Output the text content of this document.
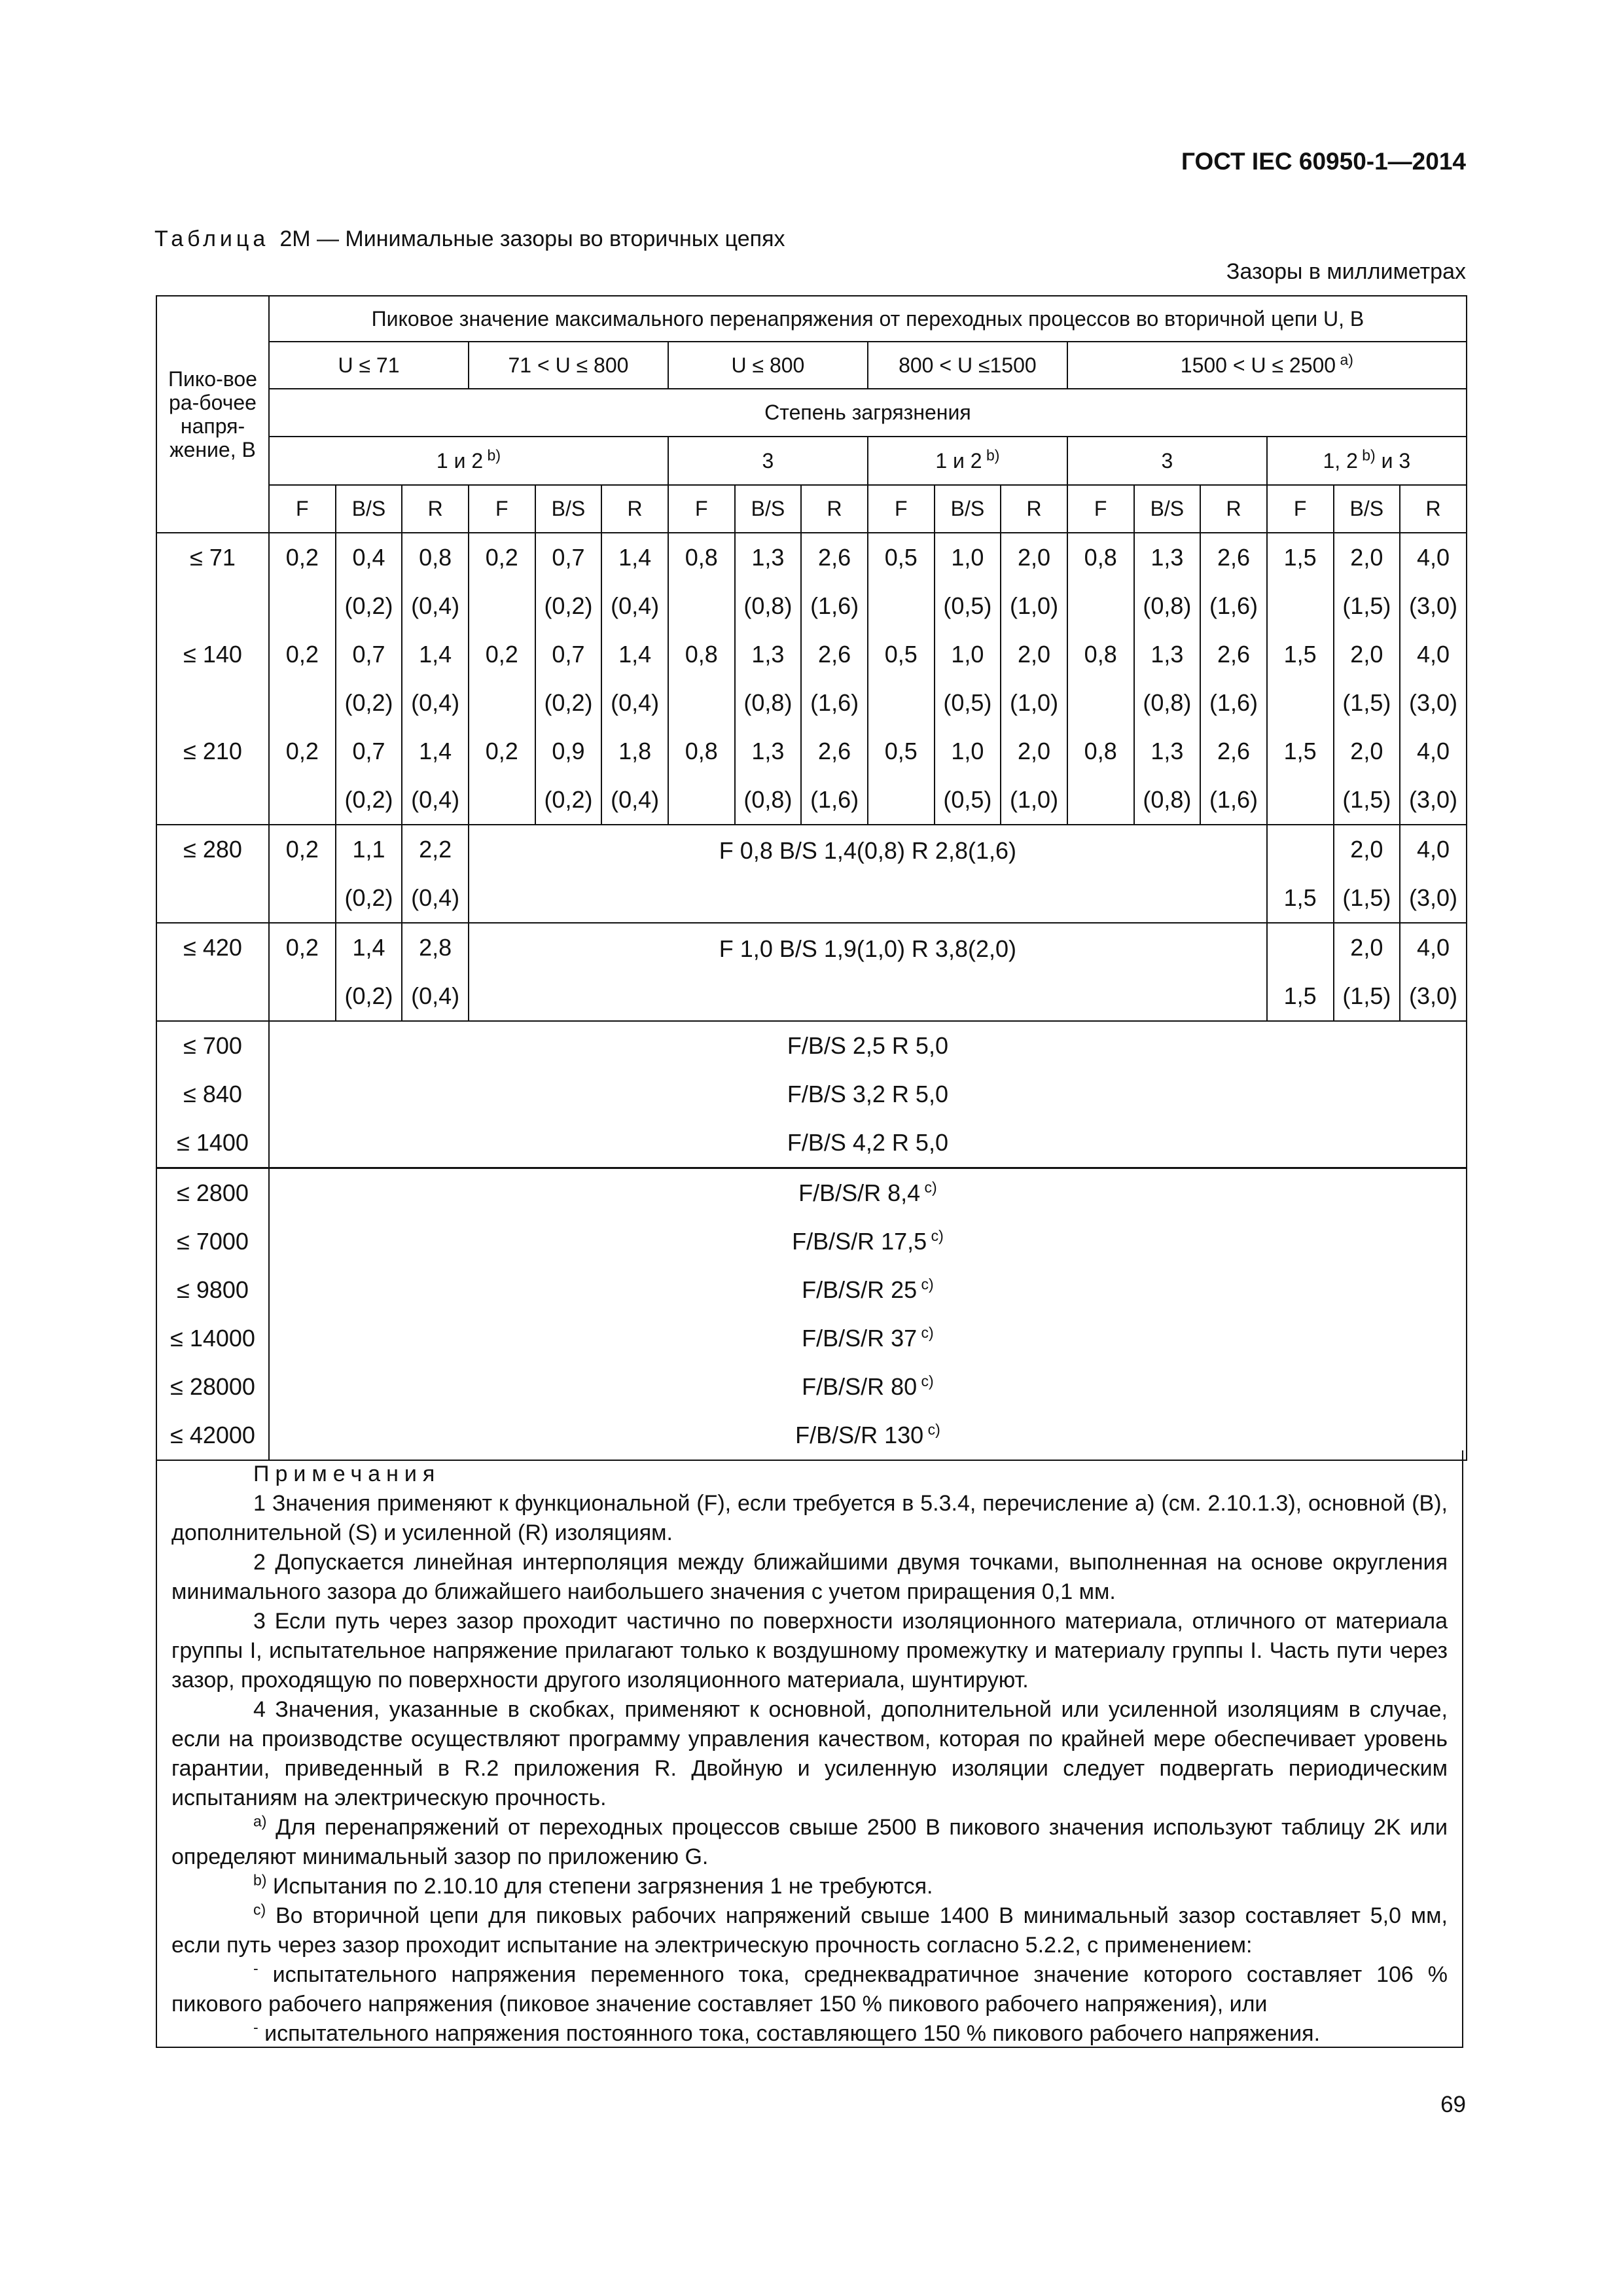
ГОСТ IEC 60950-1—2014
Таблица 2M — Минимальные зазоры во вторичных цепях
Зазоры в миллиметрах
Пико-вое ра-бочее напря-жение, В	Пиковое значение максимального перенапряжения от переходных процессов во вторичной цепи U, В																	
	U ≤ 71			71 < U ≤ 800			U ≤ 800			800 < U ≤1500			1500 < U ≤ 2500 $^{a)}$
	Степень загрязнения																	
	1 и 2 $^{b)}$						3			1 и 2 $^{b)}$			3			1, 2 $^{b)}$ и 3		
	F	B/S	R	F	B/S	R	F	B/S	R	F	B/S	R	F	B/S	R	F	B/S	R
≤ 71	0,2	0,4	0,8	0,2	0,7	1,4	0,8	1,3	2,6	0,5	1,0	2,0	0,8	1,3	2,6	1,5	2,0	4,0
		(0,2)	(0,4)		(0,2)	(0,4)		(0,8)	(1,6)		(0,5)	(1,0)		(0,8)	(1,6)		(1,5)	(3,0)
≤ 140	0,2	0,7	1,4	0,2	0,7	1,4	0,8	1,3	2,6	0,5	1,0	2,0	0,8	1,3	2,6	1,5	2,0	4,0
		(0,2)	(0,4)		(0,2)	(0,4)		(0,8)	(1,6)		(0,5)	(1,0)		(0,8)	(1,6)		(1,5)	(3,0)
≤ 210	0,2	0,7	1,4	0,2	0,9	1,8	0,8	1,3	2,6	0,5	1,0	2,0	0,8	1,3	2,6	1,5	2,0	4,0
		(0,2)	(0,4)		(0,2)	(0,4)		(0,8)	(1,6)		(0,5)	(1,0)		(0,8)	(1,6)		(1,5)	(3,0)
≤ 280	0,2	1,1	2,2	F 0,8 B/S 1,4(0,8) R 2,8(1,6)													2,0	4,0
		(0,2)	(0,4)													1,5	(1,5)	(3,0)
≤ 420	0,2	1,4	2,8	F 1,0 B/S 1,9(1,0) R 3,8(2,0)													2,0	4,0
		(0,2)	(0,4)													1,5	(1,5)	(3,0)
≤ 700	F/B/S 2,5 R 5,0																	
≤ 840	F/B/S 3,2 R 5,0																	
≤ 1400	F/B/S 4,2 R 5,0																	
≤ 2800	F/B/S/R 8,4 $^{c)}$
≤ 7000	F/B/S/R 17,5 $^{c)}$
≤ 9800	F/B/S/R 25 $^{c)}$
≤ 14000	F/B/S/R 37 $^{c)}$
≤ 28000	F/B/S/R 80 $^{c)}$
≤ 42000	F/B/S/R 130 $^{c)}$

Примечания

1 Значения применяют к функциональной (F), если требуется в 5.3.4, перечисление а) (см. 2.10.1.3), основной (B), дополнительной (S) и усиленной (R) изоляциям.

2 Допускается линейная интерполяция между ближайшими двумя точками, выполненная на основе округления минимального зазора до ближайшего наибольшего значения с учетом приращения 0,1 мм.

3 Если путь через зазор проходит частично по поверхности изоляционного материала, отличного от материала группы I, испытательное напряжение прилагают только к воздушному промежутку и материалу группы I. Часть пути через зазор, проходящую по поверхности другого изоляционного материала, шунтируют.

4 Значения, указанные в скобках, применяют к основной, дополнительной или усиленной изоляциям в случае, если на производстве осуществляют программу управления качеством, которая по крайней мере обеспечивает уровень гарантии, приведенный в R.2 приложения R. Двойную и усиленную изоляции следует подвергать периодическим испытаниям на электрическую прочность.

$^{a)}$ Для перенапряжений от переходных процессов свыше 2500 В пикового значения используют таблицу 2K или определяют минимальный зазор по приложению G.

$^{b)}$ Испытания по 2.10.10 для степени загрязнения 1 не требуются.

$^{c)}$ Во вторичной цепи для пиковых рабочих напряжений свыше 1400 В минимальный зазор составляет 5,0 мм, если путь через зазор проходит испытание на электрическую прочность согласно 5.2.2, с применением:

- испытательного напряжения переменного тока, среднеквадратичное значение которого составляет 106 % пикового рабочего напряжения (пиковое значение составляет 150 % пикового рабочего напряжения), или

- испытательного напряжения постоянного тока, составляющего 150 % пикового рабочего напряжения.

69
